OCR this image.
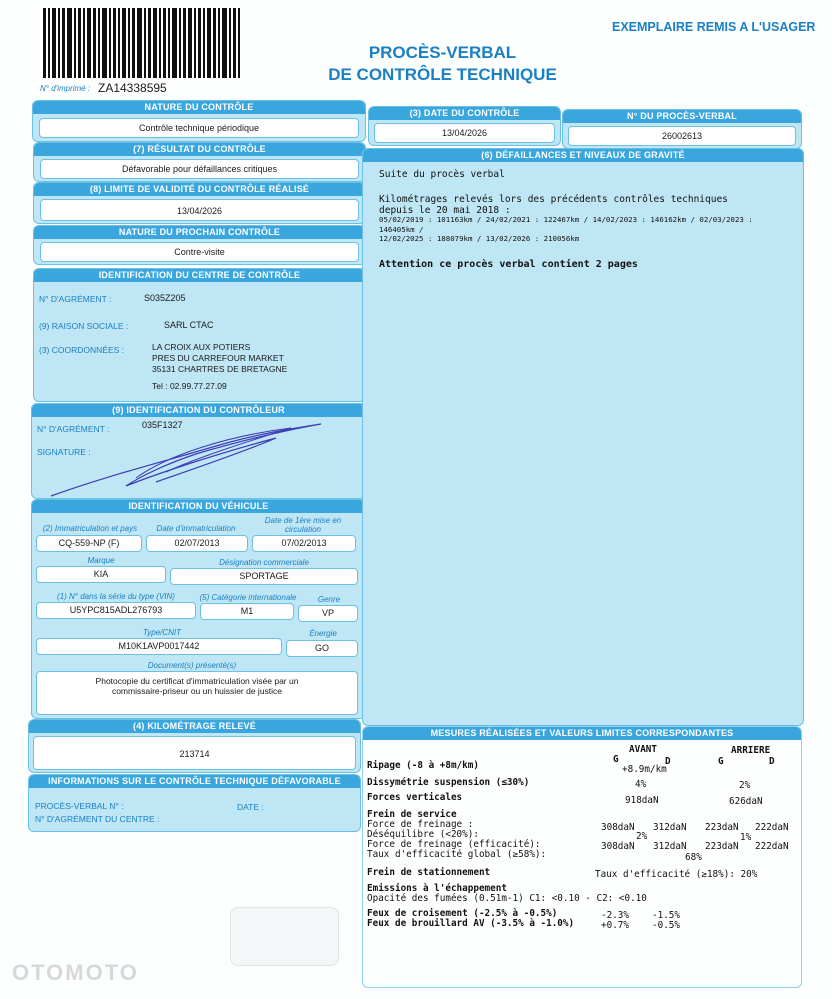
N° d'imprimé : ZA14338595
EXEMPLAIRE REMIS A L'USAGER
PROCÈS-VERBAL
DE CONTRÔLE TECHNIQUE
NATURE DU CONTRÔLE
Contrôle technique périodique
(3) DATE DU CONTRÔLE
13/04/2026
N° DU PROCÈS-VERBAL
26002613
(7) RÉSULTAT DU CONTRÔLE
Défavorable pour défaillances critiques
(8) LIMITE DE VALIDITÉ DU CONTRÔLE RÉALISÉ
13/04/2026
NATURE DU PROCHAIN CONTRÔLE
Contre-visite
IDENTIFICATION DU CENTRE DE CONTRÔLE
N° D'AGRÉMENT :	S035Z205
(9) RAISON SOCIALE :	SARL CTAC
(3) COORDONNÉES :	LA CROIX AUX POTIERS
PRES DU CARREFOUR MARKET
35131 CHARTRES DE BRETAGNE
Tel : 02.99.77.27.09
(9) IDENTIFICATION DU CONTRÔLEUR
N° D'AGRÉMENT :	035F1327
SIGNATURE :
IDENTIFICATION DU VÉHICULE
(2) Immatriculation et pays
CQ-559-NP (F)
Date d'immatriculation
02/07/2013
Date de 1ère mise en circulation
07/02/2013
Marque
KIA
Désignation commerciale
SPORTAGE
(1) N° dans la série du type (VIN)
U5YPC815ADL276793
(5) Catégorie internationale
M1
Genre
VP
Type/CNIT
M10K1AVP0017442
Énergie
GO
Document(s) présenté(s)
Photocopie du certificat d'immatriculation visée par un
commissaire-priseur ou un huissier de justice
(4) KILOMÉTRAGE RELEVÉ
213714
INFORMATIONS SUR LE CONTRÔLE TECHNIQUE DÉFAVORABLE
PROCÈS-VERBAL N° :	DATE :
N° D'AGRÉMENT DU CENTRE :
(6) DÉFAILLANCES ET NIVEAUX DE GRAVITÉ
Suite du procès verbal
Kilométrages relevés lors des précédents contrôles techniques
depuis le 20 mai 2018 :
05/02/2019 : 101163km / 24/02/2021 : 122467km / 14/02/2023 : 146162km / 02/03/2023 :
146405km /
12/02/2025 : 188079km / 13/02/2026 : 210056km
Attention ce procès verbal contient 2 pages
MESURES RÉALISÉES ET VALEURS LIMITES CORRESPONDANTES
AVANT	ARRIERE
G	D	G	D
Ripage (-8 à +8m/km)	+8.9m/km
Dissymétrie suspension (≤30%)	4%	2%
Forces verticales	918daN	626daN
Frein de service
Force de freinage :	308daN 312daN 223daN 222daN
Déséquilibre (<20%):	2%	1%
Force de freinage (efficacité):	308daN 312daN 223daN 222daN
Taux d'efficacité global (≥58%):	68%
Frein de stationnement	Taux d'efficacité (≥18%): 20%
Emissions à l'échappement
Opacité des fumées (0.51m-1) C1: <0.10 - C2: <0.10
Feux de croisement (-2.5% à -0.5%)	-2.3% -1.5%
Feux de brouillard AV (-3.5% à -1.0%)	+0.7% -0.5%
OTOMOTO
